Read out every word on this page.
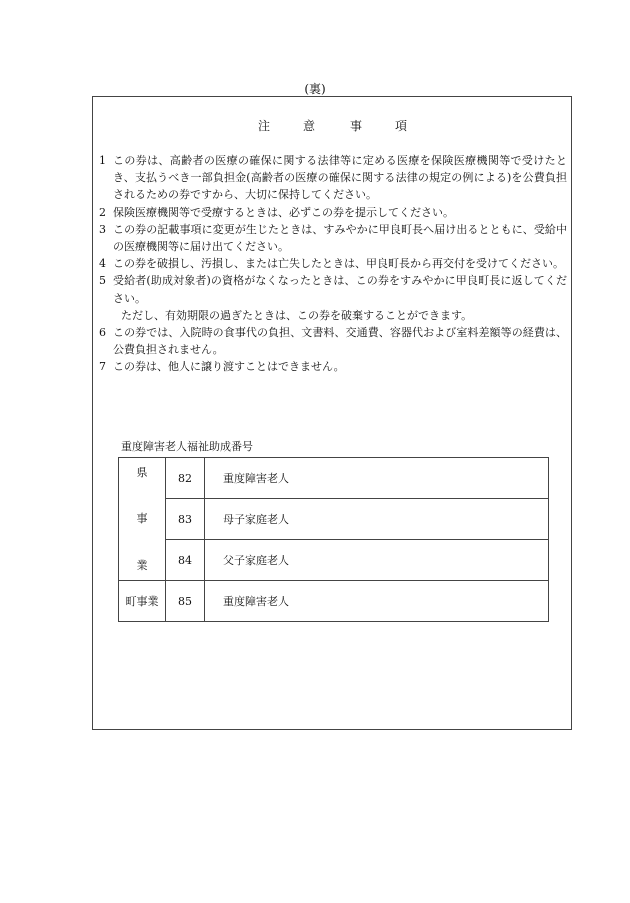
(裏)
注	意	事	項
1 この券は、高齢者の医療の確保に関する法律等に定める医療を保険医療機関等で受けたとき、支払うべき一部負担金(高齢者の医療の確保に関する法律の規定の例による)を公費負担されるための券ですから、大切に保持してください。
2 保険医療機関等で受療するときは、必ずこの券を提示してください。
3 この券の記載事項に変更が生じたときは、すみやかに甲良町長へ届け出るとともに、受給中の医療機関等に届け出てください。
4 この券を破損し、汚損し、または亡失したときは、甲良町長から再交付を受けてください。
5 受給者(助成対象者)の資格がなくなったときは、この券をすみやかに甲良町長に返してください。
ただし、有効期限の過ぎたときは、この券を破棄することができます。
6 この券では、入院時の食事代の負担、文書料、交通費、容器代および室料差額等の経費は、公費負担されません。
7 この券は、他人に譲り渡すことはできません。
重度障害老人福祉助成番号
県
事
業	82	重度障害老人
	83	母子家庭老人
	84	父子家庭老人
町事業	85	重度障害老人
